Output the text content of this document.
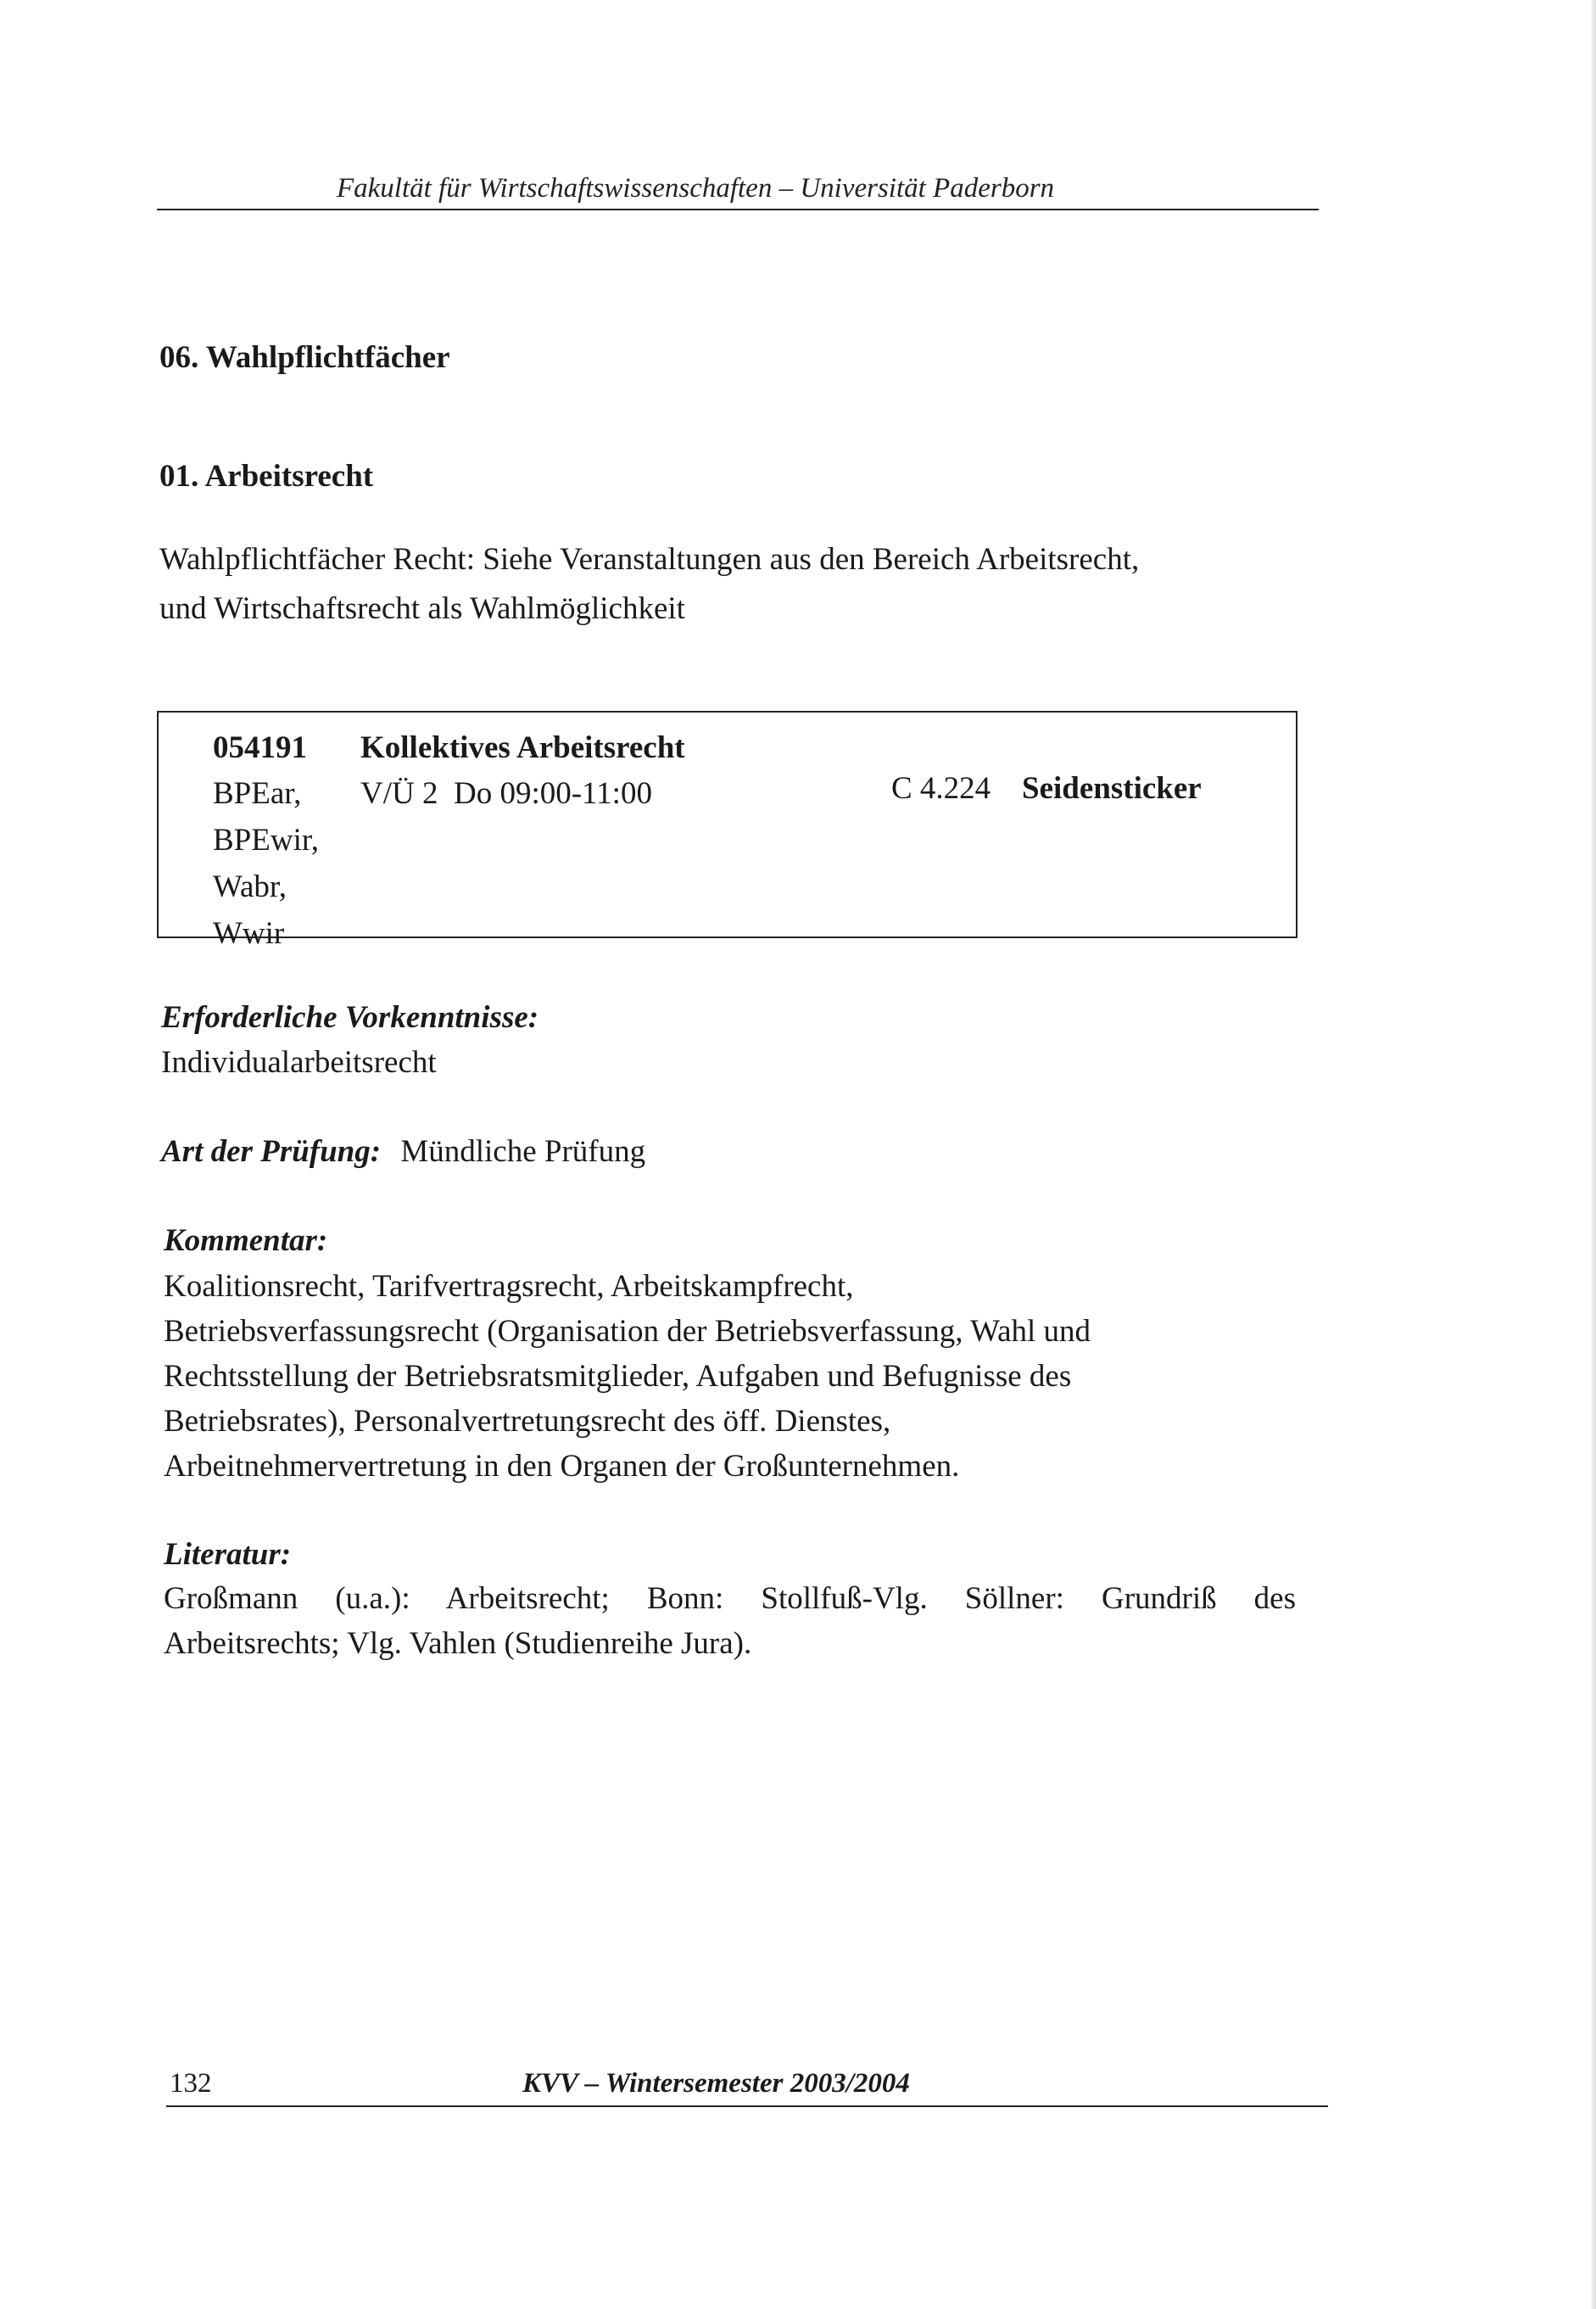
Fakultät für Wirtschaftswissenschaften – Universität Paderborn
06. Wahlpflichtfächer
01. Arbeitsrecht
Wahlpflichtfächer Recht: Siehe Veranstaltungen aus den Bereich Arbeitsrecht,
und Wirtschaftsrecht als Wahlmöglichkeit
054191 Kollektives Arbeitsrecht
BPEar,
BPEwir,
Wabr,
Wwir
V/Ü 2  Do 09:00-11:00	C 4.224 Seidensticker
Erforderliche Vorkenntnisse:
Individualarbeitsrecht
Art der Prüfung: Mündliche Prüfung
Kommentar:
Koalitionsrecht, Tarifvertragsrecht, Arbeitskampfrecht,
Betriebsverfassungsrecht (Organisation der Betriebsverfassung, Wahl und
Rechtsstellung der Betriebsratsmitglieder, Aufgaben und Befugnisse des
Betriebsrates), Personalvertretungsrecht des öff. Dienstes,
Arbeitnehmervertretung in den Organen der Großunternehmen.
Literatur:
Großmann (u.a.): Arbeitsrecht; Bonn: Stollfuß-Vlg. Söllner: Grundriß des
Arbeitsrechts; Vlg. Vahlen (Studienreihe Jura).
132	KVV – Wintersemester 2003/2004
